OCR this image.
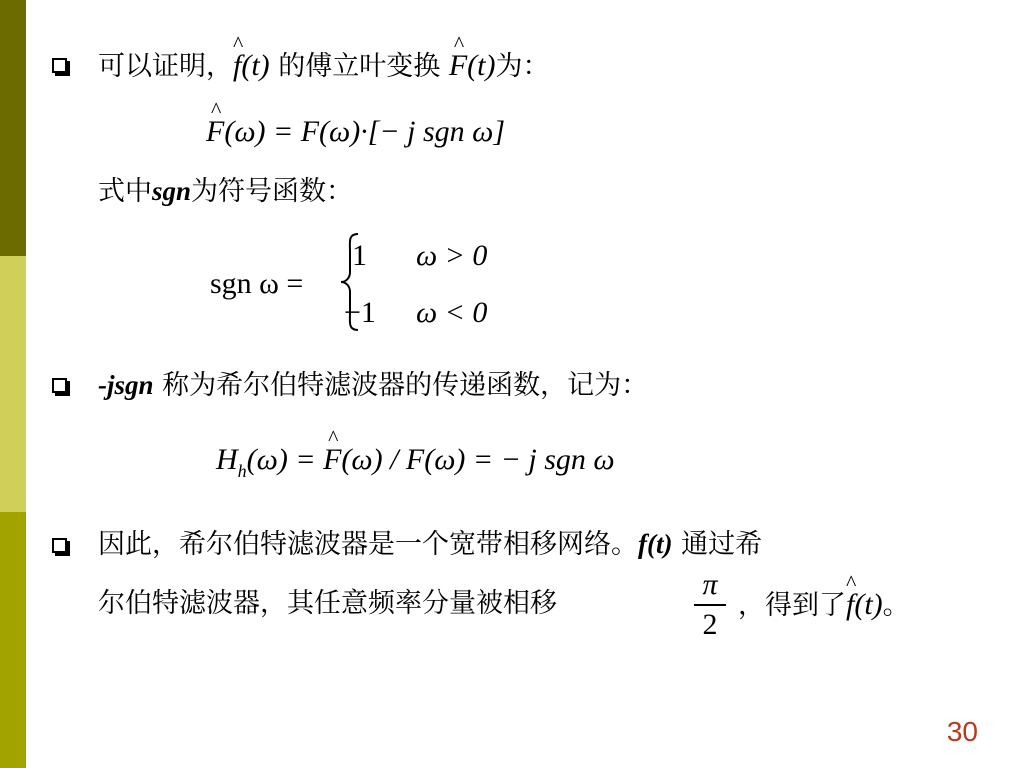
可以证明，^ f(t) 的傅立叶变换 ^ F(t)为：
^ F(ω) = F(ω)·[− j sgn ω]
式中sgn为符号函数：
sgn ω =
1 ω > 0
−1 ω < 0
-jsgn 称为希尔伯特滤波器的传递函数，记为：
$H_h(\omega)$ = ^ F(ω) / F(ω) = − j sgn ω
因此，希尔伯特滤波器是一个宽带相移网络。f(t) 通过希
尔伯特滤波器，其任意频率分量被相移
π
2
，得到了^ f(t)。
30
